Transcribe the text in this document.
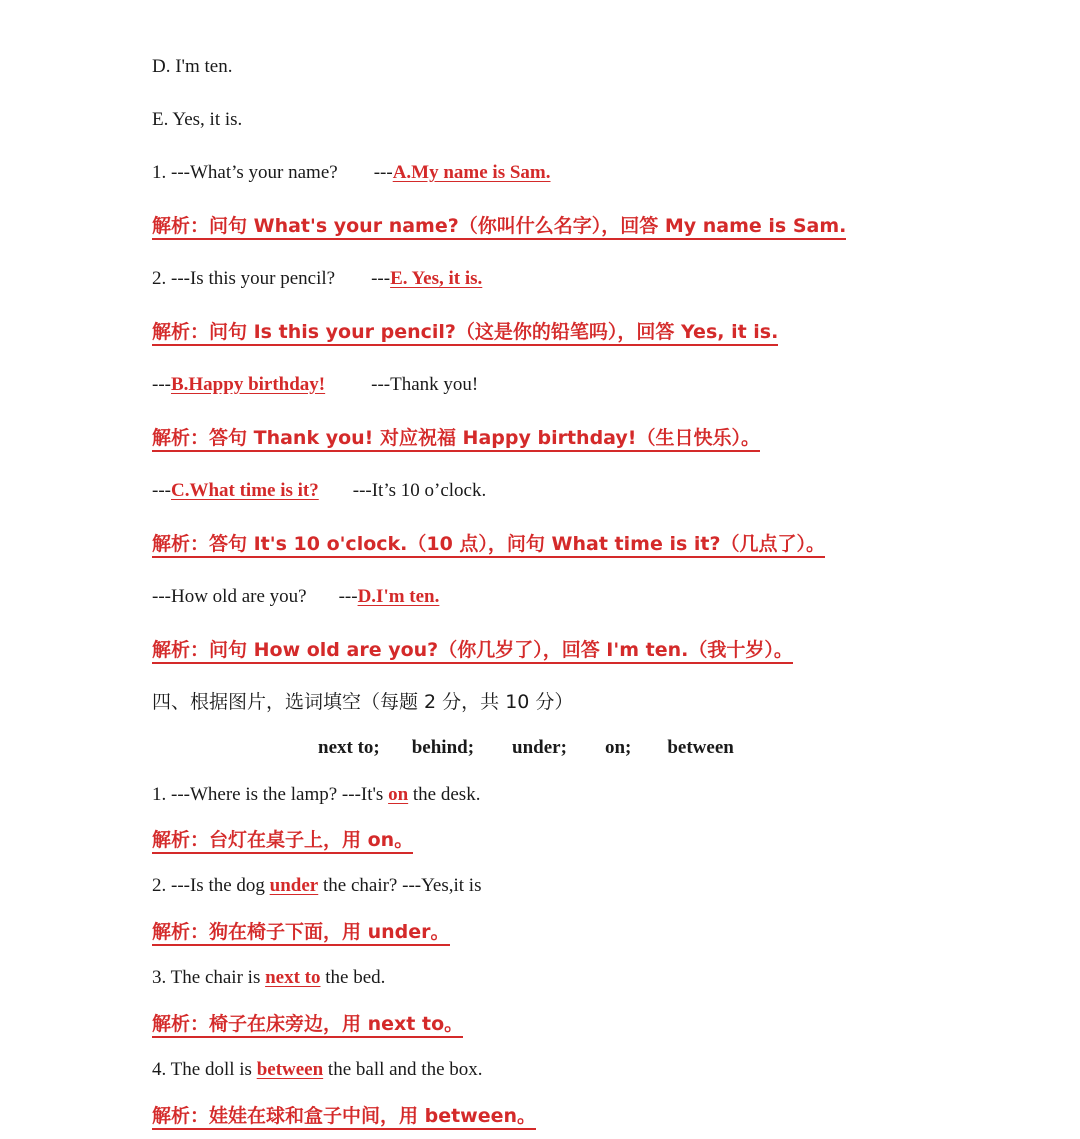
D. I'm ten.
E. Yes, it is.
1. ---What’s your name? ---A.My name is Sam.
解析：问句 What's your name?（你叫什么名字），回答 My name is Sam.
2. ---Is this your pencil? ---E. Yes, it is.
解析：问句 Is this your pencil?（这是你的铅笔吗），回答 Yes, it is.
---B.Happy birthday! ---Thank you!
解析：答句 Thank you! 对应祝福 Happy birthday!（生日快乐）。
---C.What time is it? ---It’s 10 o’clock.
解析：答句 It's 10 o'clock.（10 点），问句 What time is it?（几点了）。
---How old are you? ---D.I'm ten.
解析：问句 How old are you?（你几岁了），回答 I'm ten.（我十岁）。
四、根据图片，选词填空（每题 2 分，共 10 分）
next to; behind; under; on; between
1. ---Where is the lamp? ---It's on the desk.
解析：台灯在桌子上，用 on。
2. ---Is the dog under the chair? ---Yes,it is
解析：狗在椅子下面，用 under。
3. The chair is next to the bed.
解析：椅子在床旁边，用 next to。
4. The doll is between the ball and the box.
解析：娃娃在球和盒子中间，用 between。
